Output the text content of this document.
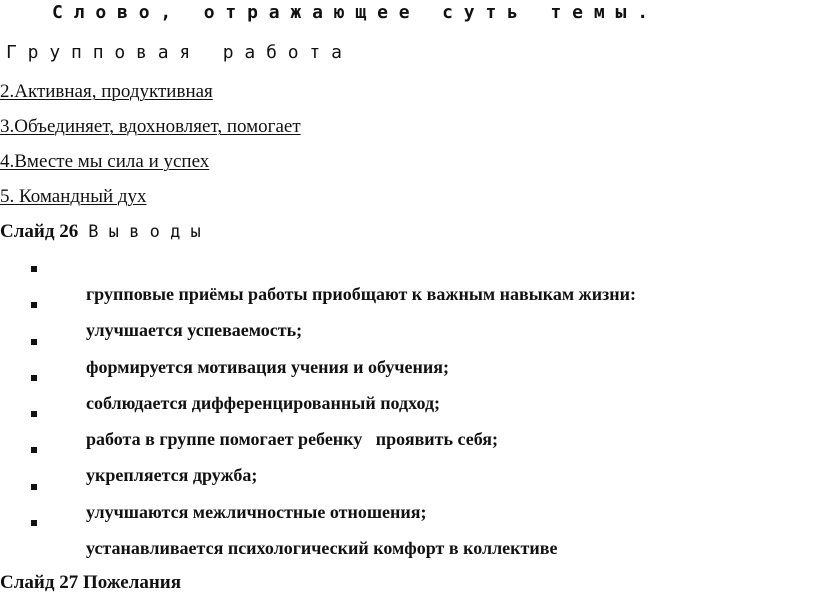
С л о в о ,   о т р а ж а ю щ е е   с у т ь   т е м ы .
Г р у п п о в а я   р а б о т а
2.Активная, продуктивная
3.Объединяет, вдохновляет, помогает
4.Вместе мы сила и успех
5. Командный дух
Слайд 26 В ы в о д ы

групповые приёмы работы приобщают к важным навыкам жизни:

улучшается успеваемость;

формируется мотивация учения и обучения;

соблюдается дифференцированный подход;

работа в группе помогает ребенку   проявить себя;

укрепляется дружба;

улучшаются межличностные отношения;

устанавливается психологический комфорт в коллективе

Слайд 27 Пожелания
